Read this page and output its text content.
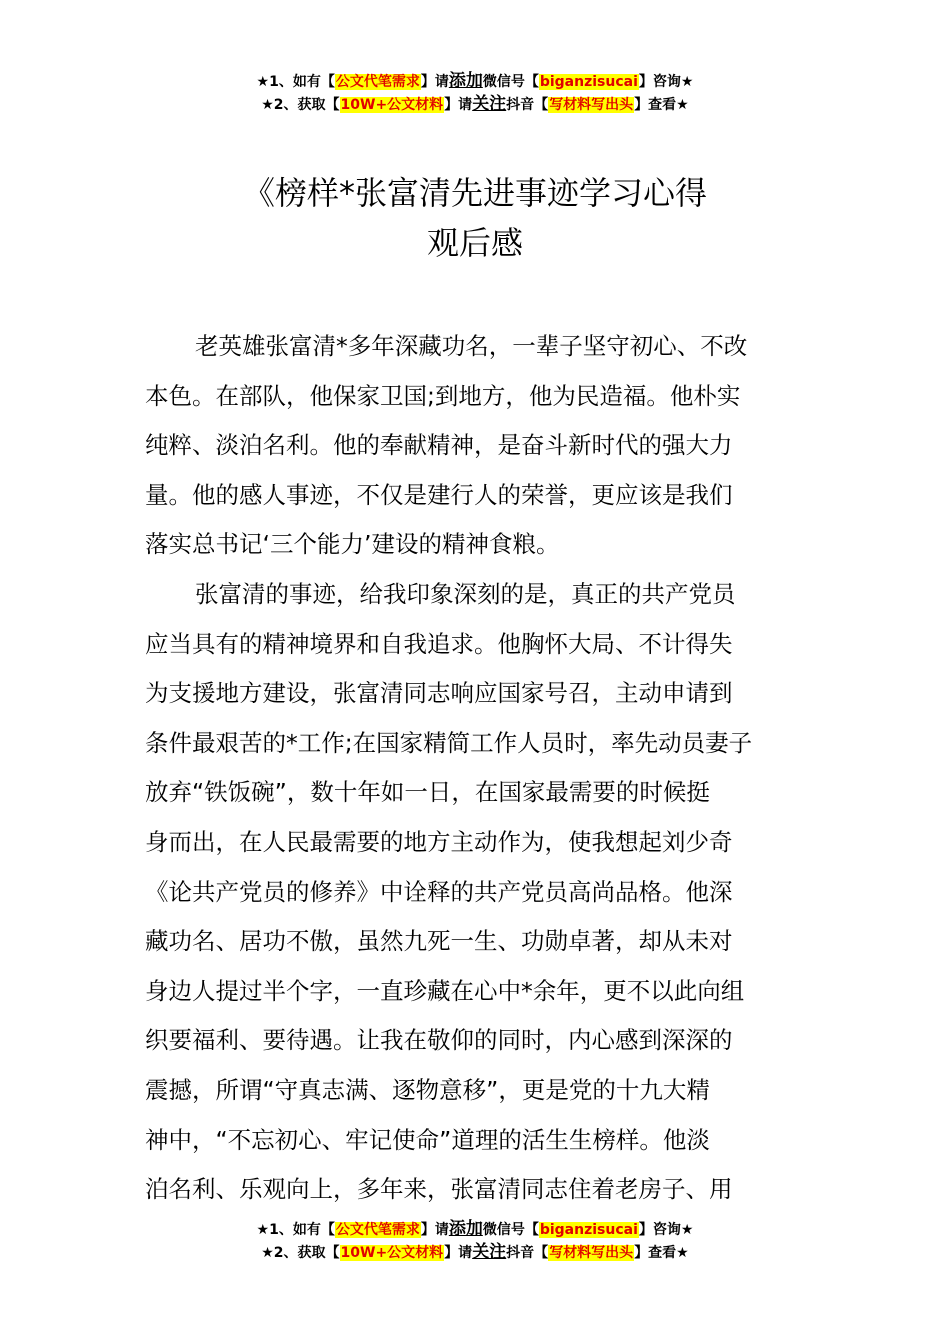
★1、如有【公文代笔需求】请添加微信号【biganzisucai】咨询★
★2、获取【10W+公文材料】请关注抖音【写材料写出头】查看★
《榜样*张富清先进事迹学习心得
观后感
老英雄张富清*多年深藏功名，一辈子坚守初心、不改
本色。在部队，他保家卫国;到地方，他为民造福。他朴实
纯粹、淡泊名利。他的奉献精神，是奋斗新时代的强大力
量。他的感人事迹，不仅是建行人的荣誉，更应该是我们
落实总书记‘三个能力’建设的精神食粮。
张富清的事迹，给我印象深刻的是，真正的共产党员
应当具有的精神境界和自我追求。他胸怀大局、不计得失
为支援地方建设，张富清同志响应国家号召，主动申请到
条件最艰苦的*工作;在国家精简工作人员时，率先动员妻子
放弃“铁饭碗”，数十年如一日，在国家最需要的时候挺
身而出，在人民最需要的地方主动作为，使我想起刘少奇
《论共产党员的修养》中诠释的共产党员高尚品格。他深
藏功名、居功不傲，虽然九死一生、功勋卓著，却从未对
身边人提过半个字，一直珍藏在心中*余年，更不以此向组
织要福利、要待遇。让我在敬仰的同时，内心感到深深的
震撼，所谓“守真志满、逐物意移”，更是党的十九大精
神中，“不忘初心、牢记使命”道理的活生生榜样。他淡
泊名利、乐观向上，多年来，张富清同志住着老房子、用
★1、如有【公文代笔需求】请添加微信号【biganzisucai】咨询★
★2、获取【10W+公文材料】请关注抖音【写材料写出头】查看★
